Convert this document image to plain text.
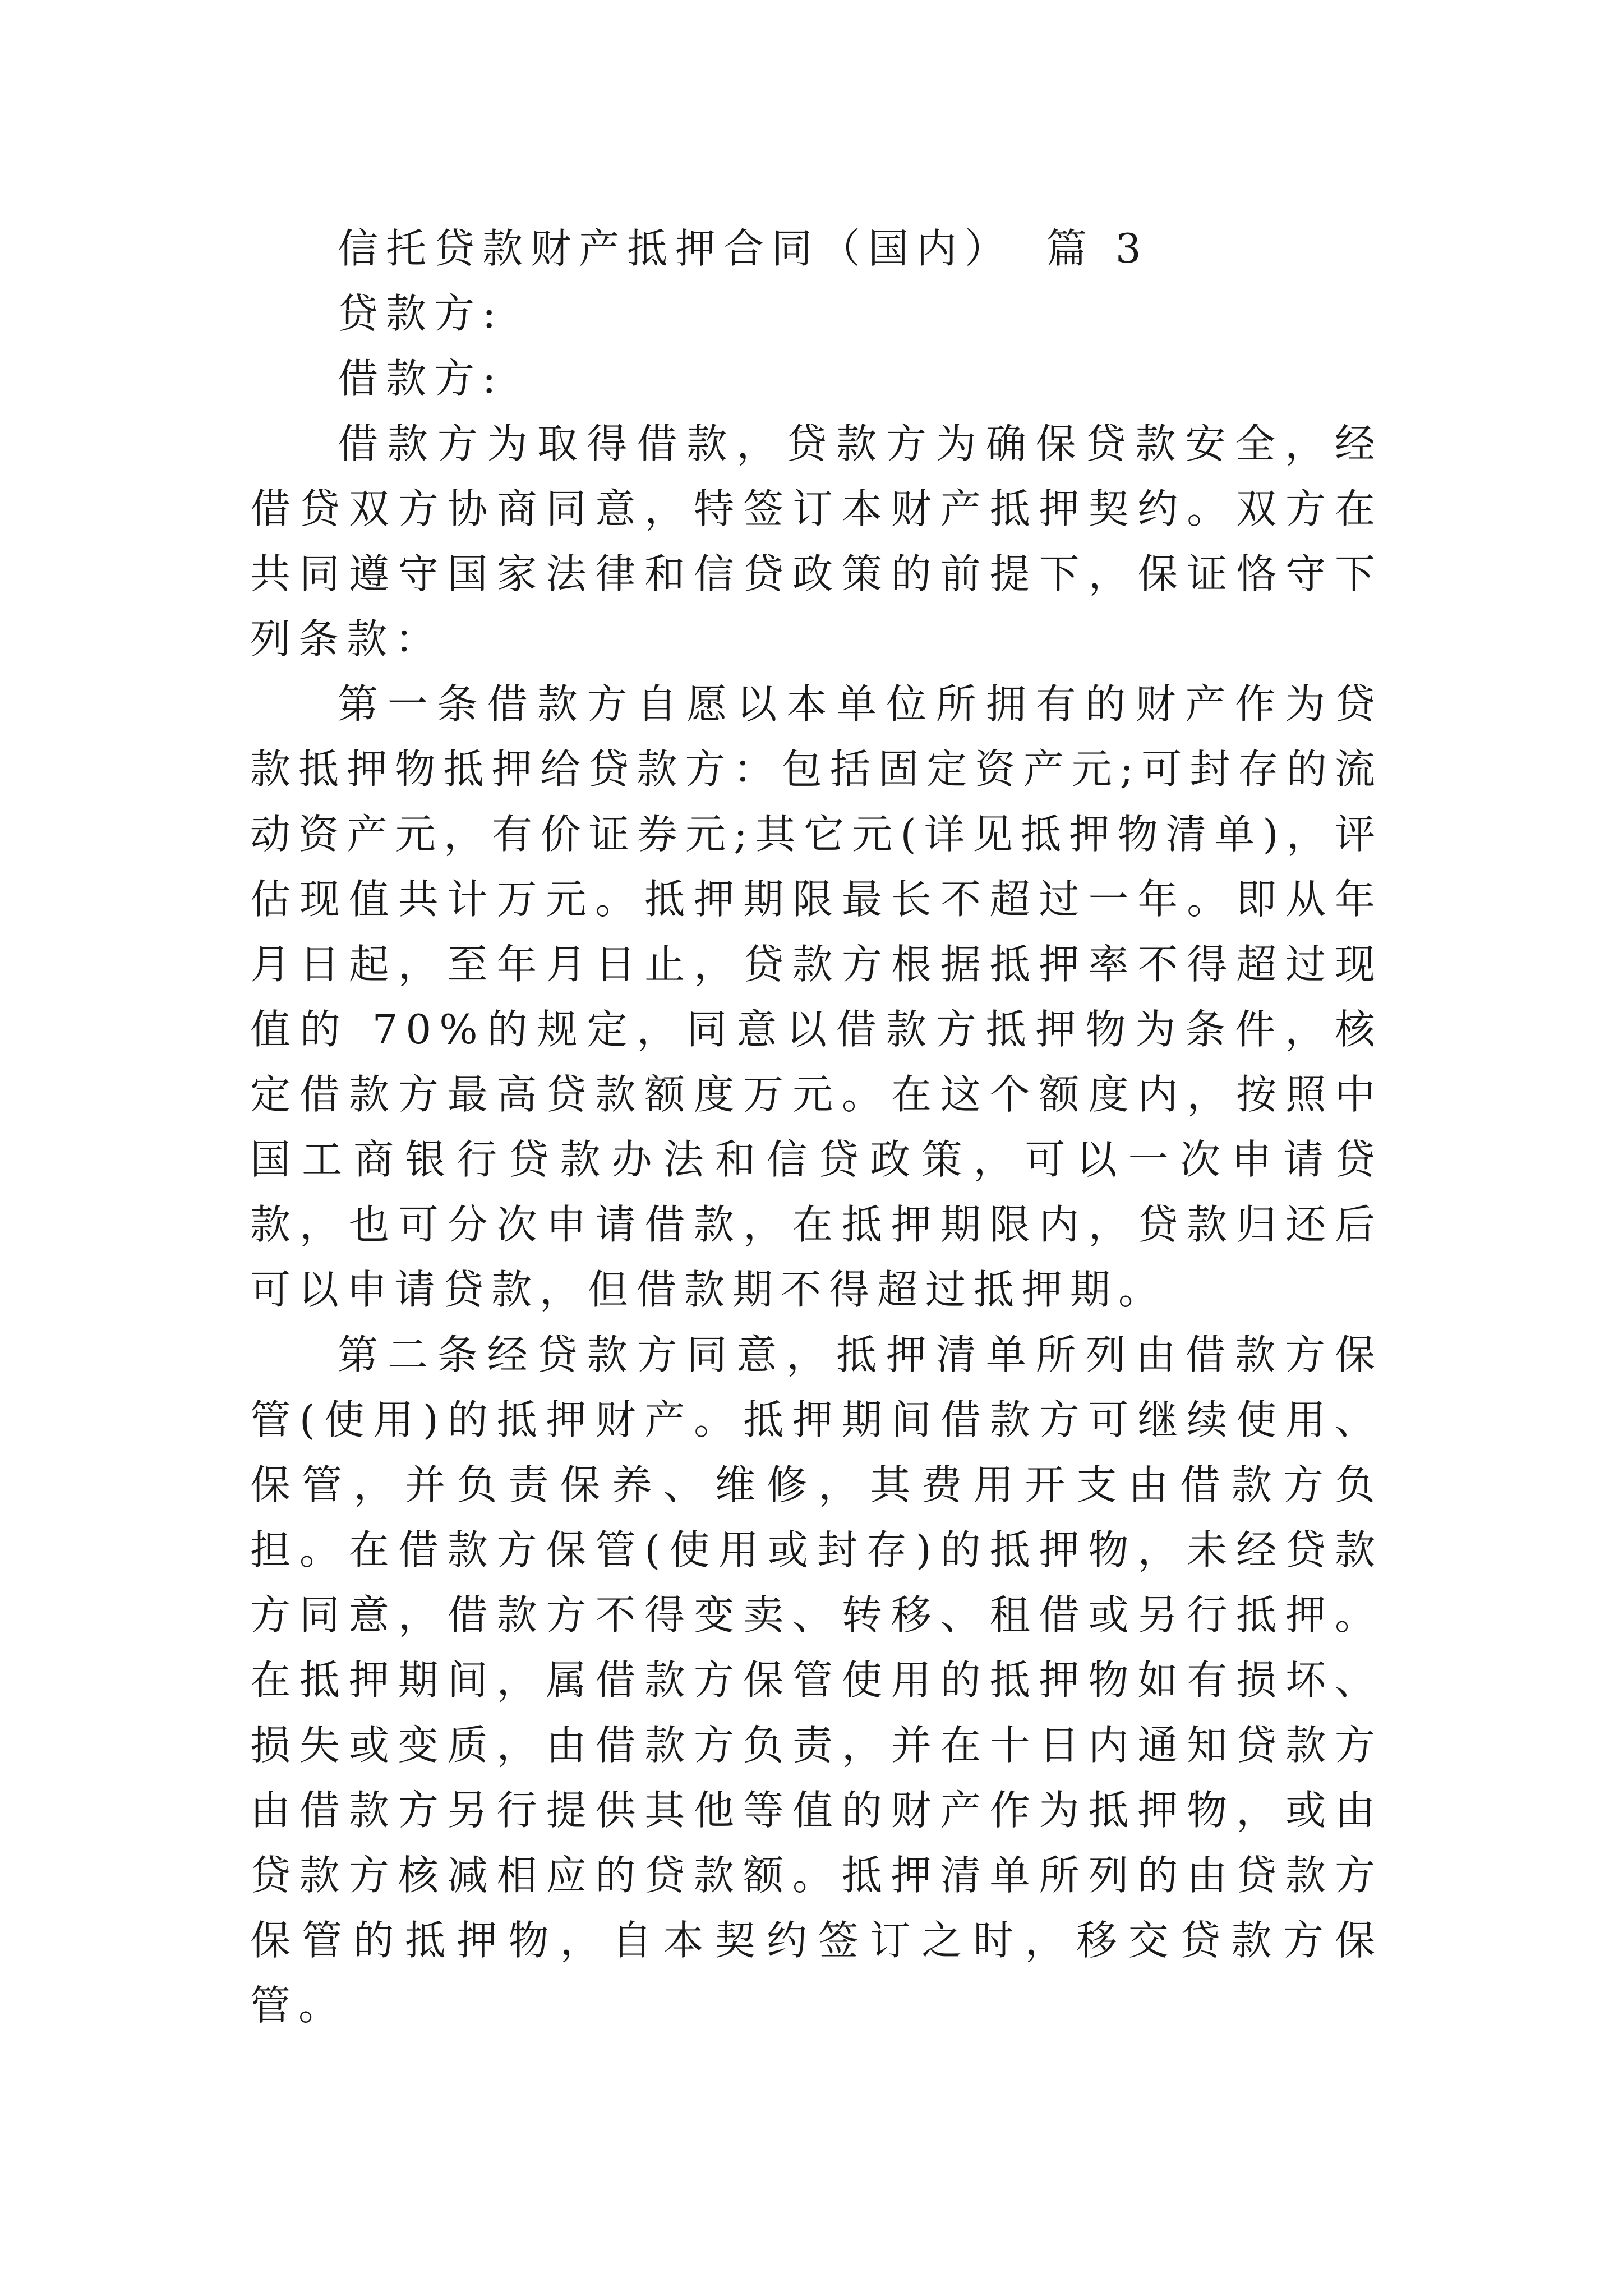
信托贷款财产抵押合同（国内） 篇 3

贷款方:

借款方:

借款方为取得借款，贷款方为确保贷款安全，经借贷双方协商同意，特签订本财产抵押契约。双方在共同遵守国家法律和信贷政策的前提下，保证恪守下列条款：

第一条借款方自愿以本单位所拥有的财产作为贷款抵押物抵押给贷款方：包括固定资产元;可封存的流动资产元，有价证券元;其它元(详见抵押物清单)，评估现值共计万元。抵押期限最长不超过一年。即从年月日起，至年月日止，贷款方根据抵押率不得超过现值的 70%的规定，同意以借款方抵押物为条件，核定借款方最高贷款额度万元。在这个额度内，按照中国工商银行贷款办法和信贷政策，可以一次申请贷款，也可分次申请借款，在抵押期限内，贷款归还后可以申请贷款，但借款期不得超过抵押期。

第二条经贷款方同意，抵押清单所列由借款方保管(使用)的抵押财产。抵押期间借款方可继续使用、保管，并负责保养、维修，其费用开支由借款方负担。在借款方保管(使用或封存)的抵押物，未经贷款方同意，借款方不得变卖、转移、租借或另行抵押。在抵押期间，属借款方保管使用的抵押物如有损坏、损失或变质，由借款方负责，并在十日内通知贷款方由借款方另行提供其他等值的财产作为抵押物，或由贷款方核减相应的贷款额。抵押清单所列的由贷款方保管的抵押物，自本契约签订之时，移交贷款方保管。
